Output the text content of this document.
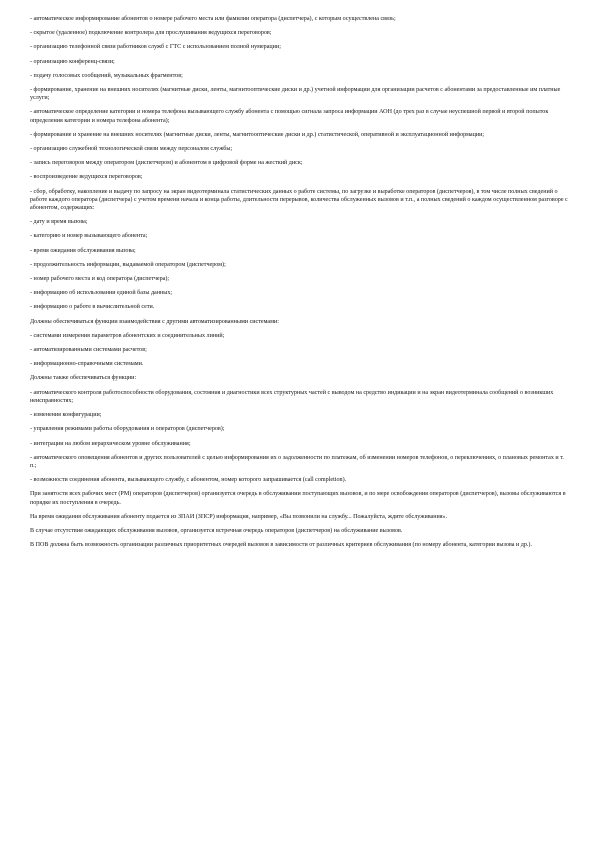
- автоматическое информирование абонентов о номере рабочего места или фамилии оператора (диспетчера), с которым осуществлена связь;

- скрытое (удаленное) подключение контролера для прослушивания ведущихся переговоров;

- организацию телефонной связи работников служб с ГТС с использованием полной нумерации;

- организацию конференц-связи;

- подачу голосовых сообщений, музыкальных фрагментов;

- формирование, хранение на внешних носителях (магнитные диски, ленты, магнитооптические диски и др.) учетной информации для организации расчетов с абонентами за предоставленные им платные услуги;

- автоматическое определение категории и номера телефона вызывающего службу абонента с помощью сигнала запроса информации АОН (до трех раз в случае неуспешной первой и второй попыток определения категории и номера телефона абонента);

- формирование и хранение на внешних носителях (магнитные диски, ленты, магнитооптические диски и др.) статистической, оперативной и эксплуатационной информации;

- организацию служебной технологической связи между персоналом службы;

- запись переговоров между оператором (диспетчером) и абонентом в цифровой форме на жесткий диск;

- воспроизведение ведущихся переговоров;

- сбор, обработку, накопление и выдачу по запросу на экран видеотерминала статистических данных о работе системы, по загрузке и выработке операторов (диспетчеров), в том числе полных сведений о работе каждого оператора (диспетчера) с учетом времени начала и конца работы, длительности перерывов, количества обслуженных вызовов и т.п., а полных сведений о каждом осуществленном разговоре с абонентом, содержащих:

- дату и время вызова;

- категорию и номер вызывающего абонента;

- время ожидания обслуживания вызова;

- продолжительность информации, выдаваемой оператором (диспетчером);

- номер рабочего места и код оператора (диспетчера);

- информацию об использовании единой базы данных;

- информацию о работе в вычислительной сети.

Должны обеспечиваться функции взаимодействия с другими автоматизированными системами:

- системами измерения параметров абонентских и соединительных линий;

- автоматизированными системами расчетов;

- информационно-справочными системами.

Должны также обеспечиваться функции:

- автоматического контроля работоспособности оборудования, состояния и диагностики всех структурных частей с выводом на средство индикации и на экран видеотерминала сообщений о возникших неисправностях;

- изменения конфигурации;

- управления режимами работы оборудования и операторов (диспетчеров);

- интеграции на любом иерархическом уровне обслуживания;

- автоматического оповещения абонентов и других пользователей с целью информирования их о задолженности по платежам, об изменении номеров телефонов, о переключениях, о плановых ремонтах и т. п.;

- возможности соединения абонента, вызывающего службу, с абонентом, номер которого запрашивается (call completion).

При занятости всех рабочих мест (РМ) операторов (диспетчеров) организуется очередь в обслуживании поступающих вызовов, и по мере освобождения операторов (диспетчеров), вызовы обслуживаются в порядке их поступления в очередь.

На время ожидания обслуживания абоненту подается из ЗПАИ (ЗПСР) информация, например, «Вы позвонили на службу... Пожалуйста, ждите обслуживания».

В случае отсутствия ожидающих обслуживания вызовов, организуется встречная очередь операторов (диспетчеров) на обслуживание вызовов.

В ПОВ должна быть возможность организации различных приоритетных очередей вызовов в зависимости от различных критериев обслуживания (по номеру абонента, категории вызова и др.).
